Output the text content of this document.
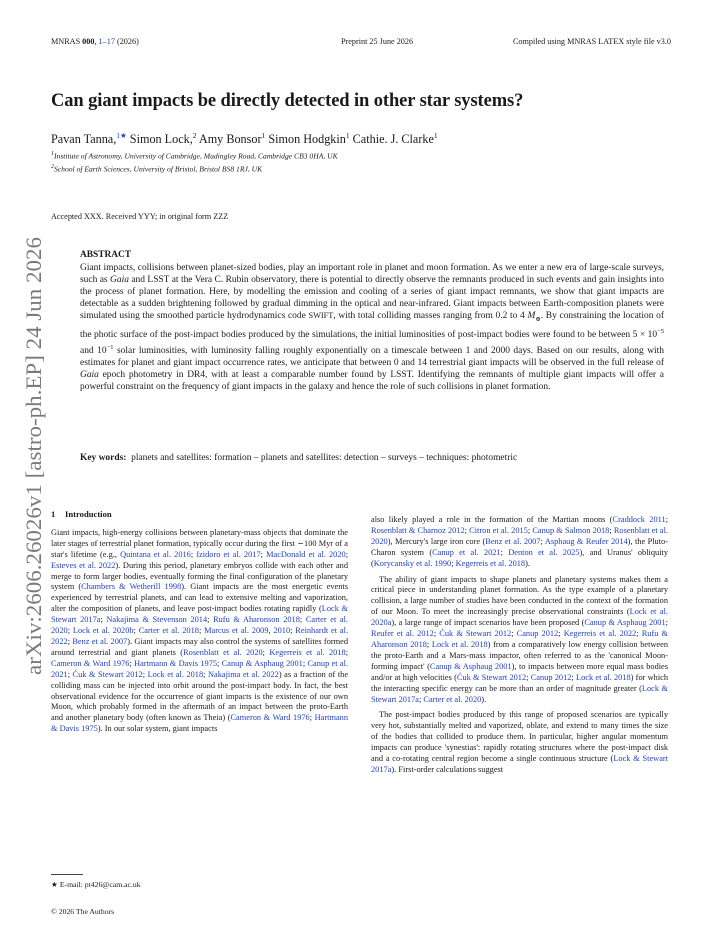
MNRAS 000, 1–17 (2026)	Preprint 25 June 2026	Compiled using MNRAS LATEX style file v3.0
Can giant impacts be directly detected in other star systems?
Pavan Tanna,$^{1★}$ Simon Lock,$^2$ Amy Bonsor$^1$ Simon Hodgkin$^1$ Cathie. J. Clarke$^1$
$^1$Institute of Astronomy, University of Cambridge, Madingley Road, Cambridge CB3 0HA, UK
$^2$School of Earth Sciences, University of Bristol, Bristol BS8 1RJ, UK
Accepted XXX. Received YYY; in original form ZZZ
arXiv:2606.26026v1 [astro-ph.EP] 24 Jun 2026	ABSTRACT
Giant impacts, collisions between planet-sized bodies, play an important role in planet and moon formation. As we enter a new era of large-scale surveys, such as Gaia and LSST at the Vera C. Rubin observatory, there is potential to directly observe the remnants produced in such events and gain insights into the process of planet formation. Here, by modelling the emission and cooling of a series of giant impact remnants, we show that giant impacts are detectable as a sudden brightening followed by gradual dimming in the optical and near-infrared. Giant impacts between Earth-composition planets were simulated using the smoothed particle hydrodynamics code SWIFT, with total colliding masses ranging from 0.2 to 4 $M_\oplus$. By constraining the location of the photic surface of the post-impact bodies produced by the simulations, the initial luminosities of post-impact bodies were found to be between $5 \times 10^{-5}$ and $10^{-1}$ solar luminosities, with luminosity falling roughly exponentially on a timescale between 1 and 2000 days. Based on our results, along with estimates for planet and giant impact occurrence rates, we anticipate that between 0 and 14 terrestrial giant impacts will be observed in the full release of Gaia epoch photometry in DR4, with at least a comparable number found by LSST. Identifying the remnants of multiple giant impacts will offer a powerful constraint on the frequency of giant impacts in the galaxy and hence the role of such collisions in planet formation.
Key words: planets and satellites: formation – planets and satellites: detection – surveys – techniques: photometric
1 Introduction

Giant impacts, high-energy collisions between planetary-mass objects that dominate the later stages of terrestrial planet formation, typically occur during the first ∼100 Myr of a star's lifetime (e.g., Quintana et al. 2016; Izidoro et al. 2017; MacDonald et al. 2020; Esteves et al. 2022). During this period, planetary embryos collide with each other and merge to form larger bodies, eventually forming the final configuration of the planetary system (Chambers & Wetherill 1998). Giant impacts are the most energetic events experienced by terrestrial planets, and can lead to extensive melting and vaporization, alter the composition of planets, and leave post-impact bodies rotating rapidly (Lock & Stewart 2017a; Nakajima & Stevenson 2014; Rufu & Aharonson 2018; Carter et al. 2020; Lock et al. 2020b; Carter et al. 2018; Marcus et al. 2009, 2010; Reinhardt et al. 2022; Benz et al. 2007). Giant impacts may also control the systems of satellites formed around terrestrial and giant planets (Rosenblatt et al. 2020; Kegerreis et al. 2018; Cameron & Ward 1976; Hartmann & Davis 1975; Canup & Asphaug 2001; Canup et al. 2021; Ćuk & Stewart 2012; Lock et al. 2018; Nakajima et al. 2022) as a fraction of the colliding mass can be injected into orbit around the post-impact body. In fact, the best observational evidence for the occurrence of giant impacts is the existence of our own Moon, which probably formed in the aftermath of an impact between the proto-Earth and another planetary body (often known as Theia) (Cameron & Ward 1976; Hartmann & Davis 1975). In our solar system, giant impacts

also likely played a role in the formation of the Martian moons (Craddock 2011; Rosenblatt & Charnoz 2012; Citron et al. 2015; Canup & Salmon 2018; Rosenblatt et al. 2020), Mercury's large iron core (Benz et al. 2007; Asphaug & Reufer 2014), the Pluto-Charon system (Canup et al. 2021; Denton et al. 2025), and Uranus' obliquity (Korycansky et al. 1990; Kegerreis et al. 2018).

The ability of giant impacts to shape planets and planetary systems makes them a critical piece in understanding planet formation. As the type example of a planetary collision, a large number of studies have been conducted in the context of the formation of our Moon. To meet the increasingly precise observational constraints (Lock et al. 2020a), a large range of impact scenarios have been proposed (Canup & Asphaug 2001; Reufer et al. 2012; Ćuk & Stewart 2012; Canup 2012; Kegerreis et al. 2022; Rufu & Aharonson 2018; Lock et al. 2018) from a comparatively low energy collision between the proto-Earth and a Mars-mass impactor, often referred to as the 'canonical Moon-forming impact' (Canup & Asphaug 2001), to impacts between more equal mass bodies and/or at high velocities (Ćuk & Stewart 2012; Canup 2012; Lock et al. 2018) for which the interacting specific energy can be more than an order of magnitude greater (Lock & Stewart 2017a; Carter et al. 2020).

The post-impact bodies produced by this range of proposed scenarios are typically very hot, substantially melted and vaporized, oblate, and extend to many times the size of the bodies that collided to produce them. In particular, higher angular momentum impacts can produce 'synestias': rapidly rotating structures where the post-impact disk and a co-rotating central region become a single continuous structure (Lock & Stewart 2017a). First-order calculations suggest

★ E-mail: pt426@cam.ac.uk
© 2026 The Authors
